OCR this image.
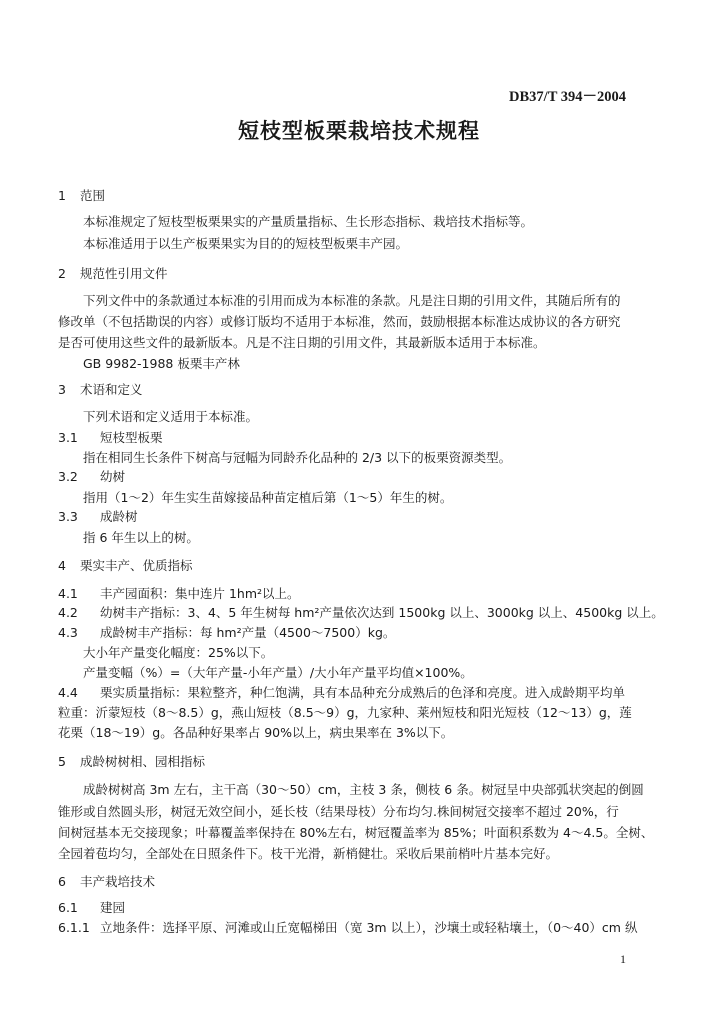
DB37/T 394－2004
短枝型板栗栽培技术规程
1 范围
本标准规定了短枝型板栗果实的产量质量指标、生长形态指标、栽培技术指标等。
本标准适用于以生产板栗果实为目的的短枝型板栗丰产园。
2 规范性引用文件
下列文件中的条款通过本标准的引用而成为本标准的条款。凡是注日期的引用文件，其随后所有的
修改单（不包括勘误的内容）或修订版均不适用于本标准，然而，鼓励根据本标准达成协议的各方研究
是否可使用这些文件的最新版本。凡是不注日期的引用文件，其最新版本适用于本标准。
GB 9982-1988 板栗丰产林
3 术语和定义
下列术语和定义适用于本标准。
3.1 短枝型板栗
指在相同生长条件下树高与冠幅为同龄乔化品种的 2/3 以下的板栗资源类型。
3.2 幼树
指用（1～2）年生实生苗嫁接品种苗定植后第（1～5）年生的树。
3.3 成龄树
指 6 年生以上的树。
4 栗实丰产、优质指标
4.1 丰产园面积：集中连片 1hm²以上。
4.2 幼树丰产指标：3、4、5 年生树每 hm²产量依次达到 1500kg 以上、3000kg 以上、4500kg 以上。
4.3 成龄树丰产指标：每 hm²产量（4500～7500）kg。
大小年产量变化幅度：25%以下。
产量变幅（%）=（大年产量-小年产量）/大小年产量平均值×100%。
4.4 栗实质量指标：果粒整齐，种仁饱满，具有本品种充分成熟后的色泽和亮度。进入成龄期平均单
粒重：沂蒙短枝（8～8.5）g，燕山短枝（8.5～9）g，九家种、莱州短枝和阳光短枝（12～13）g，莲
花栗（18～19）g。各品种好果率占 90%以上，病虫果率在 3%以下。
5 成龄树树相、园相指标
成龄树树高 3m 左右，主干高（30～50）cm，主枝 3 条，侧枝 6 条。树冠呈中央部弧状突起的倒圆
锥形或自然圆头形，树冠无效空间小，延长枝（结果母枝）分布均匀.株间树冠交接率不超过 20%，行
间树冠基本无交接现象；叶幕覆盖率保持在 80%左右，树冠覆盖率为 85%；叶面积系数为 4～4.5。全树、
全园着苞均匀，全部处在日照条件下。枝干光滑，新梢健壮。采收后果前梢叶片基本完好。
6 丰产栽培技术
6.1 建园
6.1.1 立地条件：选择平原、河滩或山丘宽幅梯田（宽 3m 以上），沙壤土或轻粘壤土，（0～40）cm 纵
1
